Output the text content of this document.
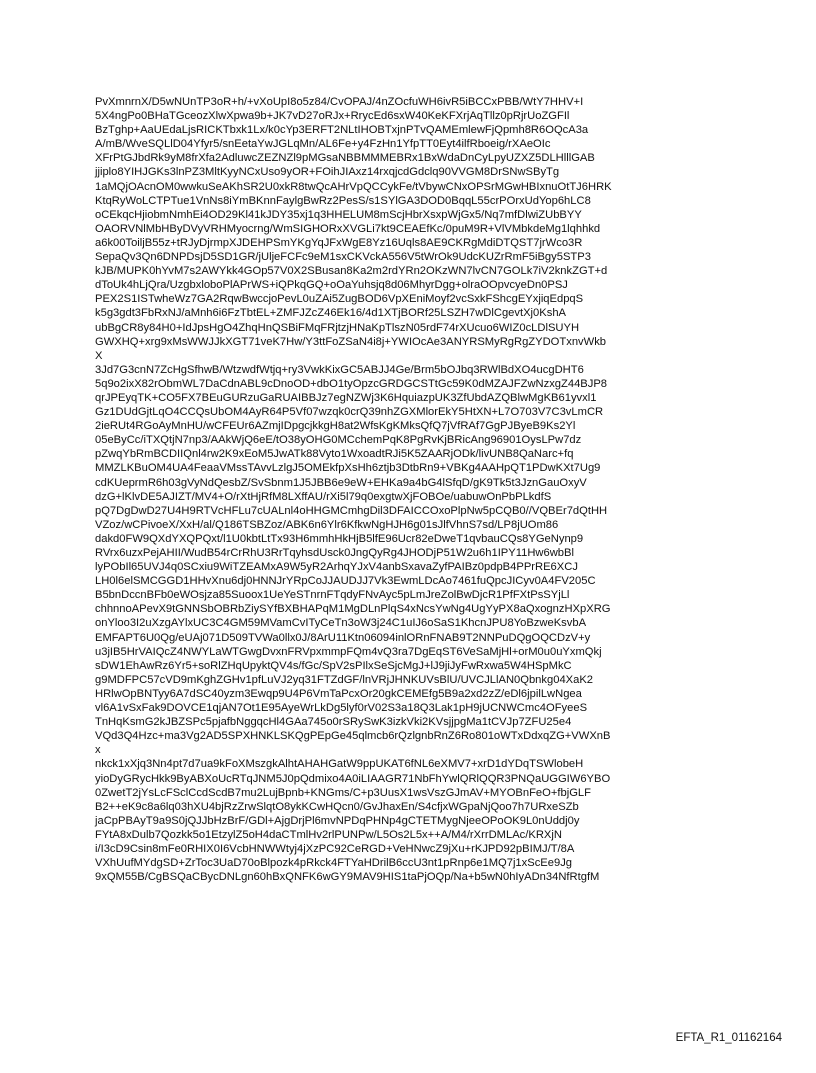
PvXmnrnX/D5wNUnTP3oR+h/+vXoUpI8o5z84/CvOPAJ/4nZOcfuWH6ivR5iBCCxPBB/WtY7HHV+I
5X4ngPo0BHaTGceozXlwXpwa9b+JK7vD27oRJx+RrycEd6sxW40KeKFXrjAqTllz0pRjrUoZGFIl
BzTghp+AaUEdaLjsRICKTbxk1Lx/k0cYp3ERFT2NLtIHOBTxjnPTvQAMEmlewFjQpmh8R6OQcA3a
A/mB/WveSQLlD04Yfyr5/snEetaYwJGLqMn/AL6Fe+y4FzHn1YfpTT0Eyt4ilfRboeig/rXAeOIc
XFrPtGJbdRk9yM8frXfa2AdluwcZEZNZl9pMGsaNBBMMMEBRx1BxWdaDnCyLpyUZXZ5DLHlllGAB
jjiplo8YIHJGKs3lnPZ3MltKyyNCxUso9yOR+FOihJIAxz14rxqjcdGdclq90VVGM8DrSNwSByTg
1aMQjOAcnOM0wwkuSeAKhSR2U0xkR8twQcAHrVpQCCykFe/tVbywCNxOPSrMGwHBIxnuOtTJ6HRK
KtqRyWoLCTPTue1VnNs8iYmBKnnFaylgBwRz2PesS/s1SYlGA3DOD0BqqL55crPOrxUdYop6hLC8
oCEkqcHjiobmNmhEi4OD29Kl41kJDY35xj1q3HHELUM8mScjHbrXsxpWjGx5/Nq7mfDlwiZUbBYY
OAORVNlMbHByDVyVRHMyocrng/WmSIGHORxXVGLi7kt9CEAEfKc/0puM9R+VlVMbkdeMg1lqhhkd
a6k00ToiljB55z+tRJyDjrmpXJDEHPSmYKgYqJFxWgE8Yz16Uqls8AE9CKRgMdiDTQST7jrWco3R
SepaQv3Qn6DNPDsjD5SD1GR/jUljeFCFc9eM1sxCKVckA556V5tWrOk9UdcKUZrRmF5iBgy5STP3
kJB/MUPK0hYvM7s2AWYkk4GOp57V0X2SBusan8Ka2m2rdYRn2OKzWN7lvCN7GOLk7iV2knkZGT+d
dToUk4hLjQra/UzgbxloboPlAPrWS+iQPkqGQ+oOaYuhsjq8d06MhyrDgg+olraOOpvcyeDn0PSJ
PEX2S1ISTwheWz7GA2RqwBwccjoPevL0uZAi5ZugBOD6VpXEniMoyf2vcSxkFShcgEYxjiqEdpqS
k5g3gdt3FbRxNJ/aMnh6i6FzTbtEL+ZMFJZcZ46Ek16/4d1XTjBORf25LSZH7wDlCgevtXj0KshA
ubBgCR8y84H0+IdJpsHgO4ZhqHnQSBiFMqFRjtzjHNaKpTlszN05rdF74rXUcuo6WIZ0cLDlSUYH
GWXHQ+xrg9xMsWWJJkXGT71veK7Hw/Y3ttFoZSaN4i8j+YWIOcAe3ANYRSMyRgRgZYDOTxnvWkb
X
3Jd7G3cnN7ZcHgSfhwB/WtzwdfWtjq+ry3VwkKixGC5ABJJ4Ge/Brm5bOJbq3RWlBdXO4ucgDHT6
5q9o2ixX82rObmWL7DaCdnABL9cDnoOD+dbO1tyOpzcGRDGCSTtGc59K0dMZAJFZwNzxgZ44BJP8
qrJPEyqTK+CO5FX7BEuGURzuGaRUAIBBJz7egNZWj3K6HquiazpUK3ZfUbdAZQBlwMgKB61yvxl1
Gz1DUdGjtLqO4CCQsUbOM4AyR64P5Vf07wzqk0crQ39nhZGXMlorEkY5HtXN+L7O703V7C3vLmCR
2ieRUt4RGoAyMnHU/wCFEUr6AZmjIDpgcjkkgH8at2WfsKgKMksQfQ7jVfRAf7GgPJByeB9Ks2Yl
05eByCc/iTXQtjN7np3/AAkWjQ6eE/tO38yOHG0MCchemPqK8PgRvKjBRicAng96901OysLPw7dz
pZwqYbRmBCDIIQnl4rw2K9xEoM5JwATk88Vyto1WxoadtRJi5K5ZAARjODk/livUNB8QaNarc+fq
MMZLKBuOM4UA4FeaaVMssTAvvLzlgJ5OMEkfpXsHh6ztjb3DtbRn9+VBKg4AAHpQT1PDwKXt7Ug9
cdKUeprmR6h03gVyNdQesbZ/SvSbnm1J5JBB6e9eW+EHKa9a4bG4lSfqD/gK9Tk5t3JznGauOxyV
dzG+lKlvDE5AJIZT/MV4+O/rXtHjRfM8LXffAU/rXi5l79q0exgtwXjFOBOe/uabuwOnPbPLkdfS
pQ7DgDwD27U4H9RTVcHFLu7cUALnl4oHHGMCmhgDil3DFAICCOxoPlpNw5pCQB0//VQBEr7dQtHH
VZoz/wCPivoeX/XxH/al/Q186TSBZoz/ABK6n6Ylr6KfkwNgHJH6g01sJlfVhnS7sd/LP8jUOm86
dakd0FW9QXdYXQPQxt/l1U0kbtLtTx93H6mmhHkHjB5lfE96Ucr82eDweT1qvbauCQs8YGeNynp9
RVrx6uzxPejAHII/WudB54rCrRhU3RrTqyhsdUsck0JngQyRg4JHODjP51W2u6h1IPY11Hw6wbBl
lyPObIl65UVJ4q0SCxiu9WiTZEAMxA9W5yR2ArhqYJxV4anbSxavaZyfPAIBz0pdpB4PPrRE6XCJ
LH0l6elSMCGGD1HHvXnu6dj0HNNJrYRpCoJJAUDJJ7Vk3EwmLDcAo7461fuQpcJICyv0A4FV205C
B5bnDccnBFb0eWOsjza85Suoox1UeYeSTnrnFTqdyFNvAyc5pLmJreZolBwDjcR1PfFXtPsSYjLl
chhnnoAPevX9tGNNSbOBRbZiySYfBXBHAPqM1MgDLnPlqS4xNcsYwNg4UgYyPX8aQxognzHXpXRG
onYloo3I2uXzgAYlxUC3C4GM59MVamCvITyCeTn3oW3j24C1uIJ6oSaS1KhcnJPU8YoBzweKsvbA
EMFAPT6U0Qg/eUAj071D509TVWa0llx0J/8ArU11Ktn06094inlORnFNAB9T2NNPuDQgOQCDzV+y
u3jIB5HrVAIQcZ4NWYLaWTGwgDvxnFRVpxmmpFQm4vQ3ra7DgEqST6VeSaMjHl+orM0u0uYxmQkj
sDW1EhAwRz6Yr5+soRlZHqUpyktQV4s/fGc/SpV2sPIlxSeSjcMgJ+lJ9jiJyFwRxwa5W4HSpMkC
g9MDFPC57cVD9mKghZGHv1pfLuVJ2yq31FTZdGF/lnVRjJHNKUVsBlU/UVCJLlAN0Qbnkg04XaK2
HRlwOpBNTyy6A7dSC40yzm3Ewqp9U4P6VmTaPcxOr20gkCEMEfg5B9a2xd2zZ/eDl6jpilLwNgea
vl6A1vSxFak9DOVCE1qjAN7Ot1E95AyeWrLkDg5lyf0rV02S3a18Q3Lak1pH9jUCNWCmc4OFyeeS
TnHqKsmG2kJBZSPc5pjafbNggqcHl4GAa745o0rSRySwK3izkVki2KVsjjpgMa1tCVJp7ZFU25e4
VQd3Q4Hzc+ma3Vg2AD5SPXHNKLSKQgPEpGe45qlmcb6rQzlgnbRnZ6Ro801oWTxDdxqZG+VWXnB
x
nkck1xXjq3Nn4pt7d7ua9kFoXMszgkAlhtAHAHGatW9ppUKAT6fNL6eXMV7+xrD1dYDqTSWlobeH
yioDyGRycHkk9ByABXoUcRTqJNM5J0pQdmixo4A0iLIAAGR71NbFhYwlQRlQQR3PNQaUGGIW6YBO
0ZwetT2jYsLcFSclCcdScdB7mu2LujBpnb+KNGms/C+p3UusX1wsVszGJmAV+MYOBnFeO+fbjGLF
B2++eK9c8a6lq03hXU4bjRzZrwSlqtO8ykKCwHQcn0/GvJhaxEn/S4cfjxWGpaNjQoo7h7URxeSZb
jaCpPBAyT9a9S0jQJJbHzBrF/GDl+AjgDrjPl6mvNPDqPHNp4gCTETMygNjeeOPoOK9L0nUddj0y
FYtA8xDulb7Qozkk5o1EtzylZ5oH4daCTmlHv2rlPUNPw/L5Os2L5x++A/M4/rXrrDMLAc/KRXjN
i/I3cD9Csin8mFe0RHIX0I6VcbHNWWtyj4jXzPC92CeRGD+VeHNwcZ9jXu+rKJPD92pBIMJ/T/8A
VXhUufMYdgSD+ZrToc3UaD70oBlpozk4pRkck4FTYaHDrilB6ccU3nt1pRnp6e1MQ7j1xScEe9Jg
9xQM55B/CgBSQaCBycDNLgn60hBxQNFK6wGY9MAV9HIS1taPjOQp/Na+b5wN0hIyADn34NfRtgfM
EFTA_R1_01162164
